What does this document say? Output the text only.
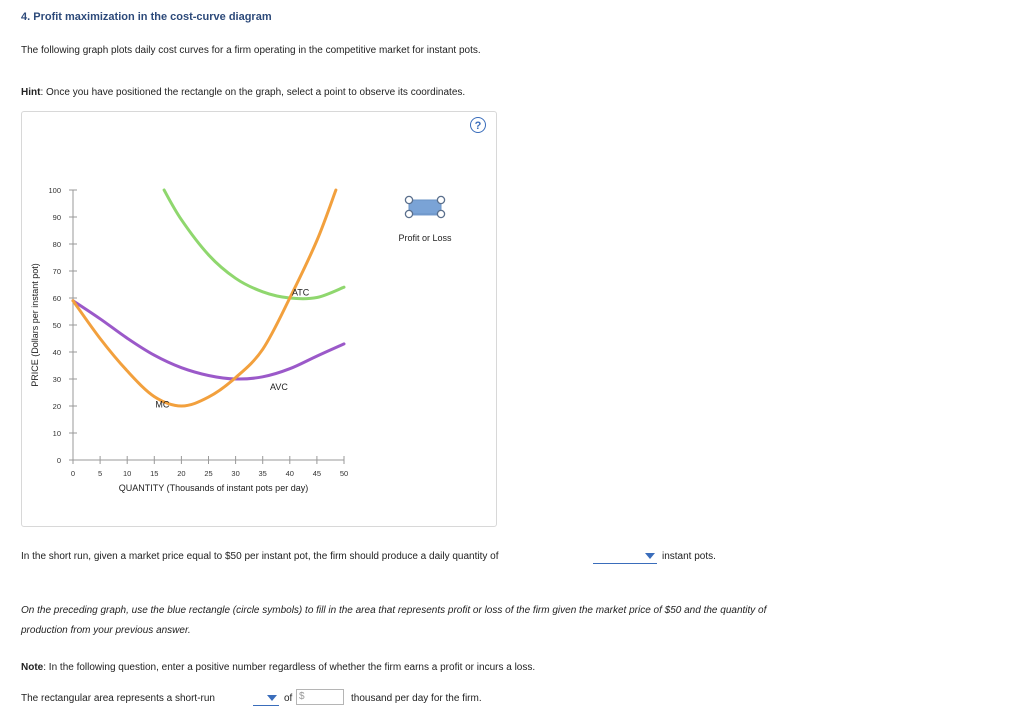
4. Profit maximization in the cost-curve diagram
The following graph plots daily cost curves for a firm operating in the competitive market for instant pots.
Hint: Once you have positioned the rectangle on the graph, select a point to observe its coordinates.
?
0
10
20
30
40
50
60
70
80
90
100
0	5	10	15	20	25	30	35	40	45	50
QUANTITY (Thousands of instant pots per day)
PRICE (Dollars per instant pot)	ATC
AVC
MC
Profit or Loss
In the short run, given a market price equal to $50 per instant pot, the firm should produce a daily quantity of	instant pots.
On the preceding graph, use the blue rectangle (circle symbols) to fill in the area that represents profit or loss of the firm given the market price of $50 and the quantity of production from your previous answer.
Note: In the following question, enter a positive number regardless of whether the firm earns a profit or incurs a loss.
The rectangular area represents a short-run	of $	thousand per day for the firm.
